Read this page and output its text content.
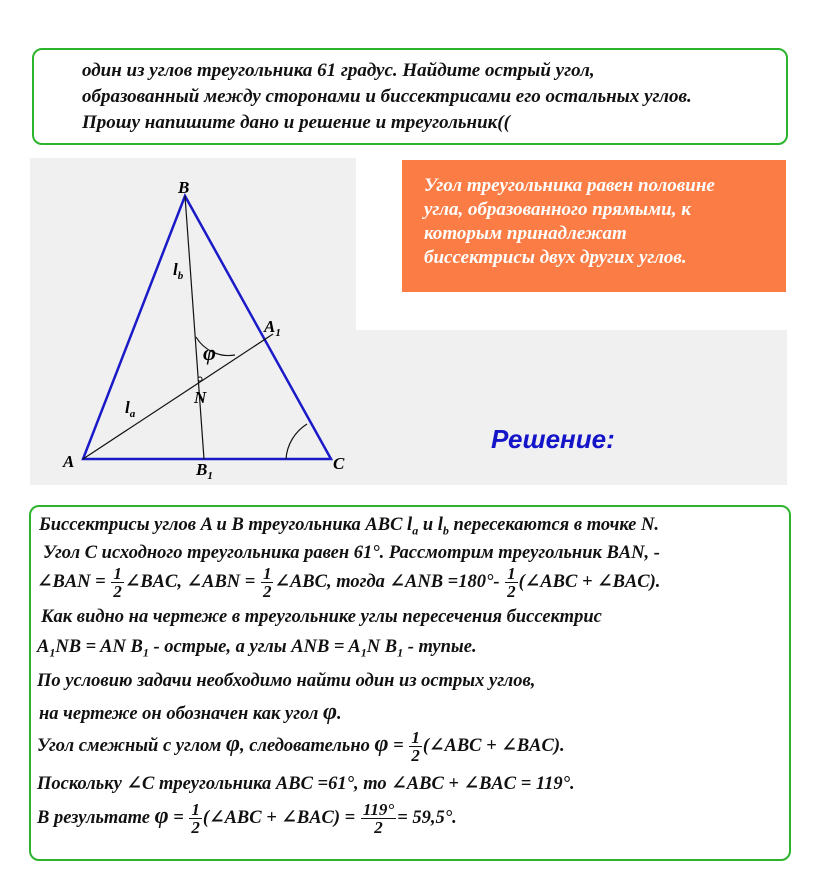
один из углов треугольника 61 градус. Найдите острый угол,
образованный между сторонами и биссектрисами его остальных углов.
Прошу напишите дано и решение и треугольник((
Угол треугольника равен половине
угла, образованного прямыми, к
которым принадлежат
биссектрисы двух других углов.
Решение:
B
A	C
$A_1$
$B_1$
N
φ
$l_b$
$l_a$
Биссектрисы углов A и B треугольника ABC $l_a$ и $l_b$ пересекаются в точке N.
Угол C исходного треугольника равен 61°. Рассмотрим треугольник BAN, -
∠BAN = $\frac{1}{2}$ ∠BAC, ∠ABN = $\frac{1}{2}$ ∠ABC, тогда ∠ANB $=180^\circ- \frac{1}{2}$ (∠ABC + ∠BAC).
Как видно на чертеже в треугольнике углы пересечения биссектрис
$A_1NB$ = AN $B_1$ - острые, а углы ANB = $A_1N$ $B_1$ - тупые.
По условию задачи необходимо найти один из острых углов,
на чертеже он обозначен как угол φ.
Угол смежный с углом φ, следовательно $\varphi = \frac{1}{2}$ (∠ABC + ∠BAC).
Поскольку ∠C треугольника ABC =61°, то ∠ABC + ∠BAC = 119°.
В результате $\varphi = \frac{1}{2}$ (∠ABC + ∠BAC) = $\frac{119^\circ}{2} = 59,5^\circ$.
